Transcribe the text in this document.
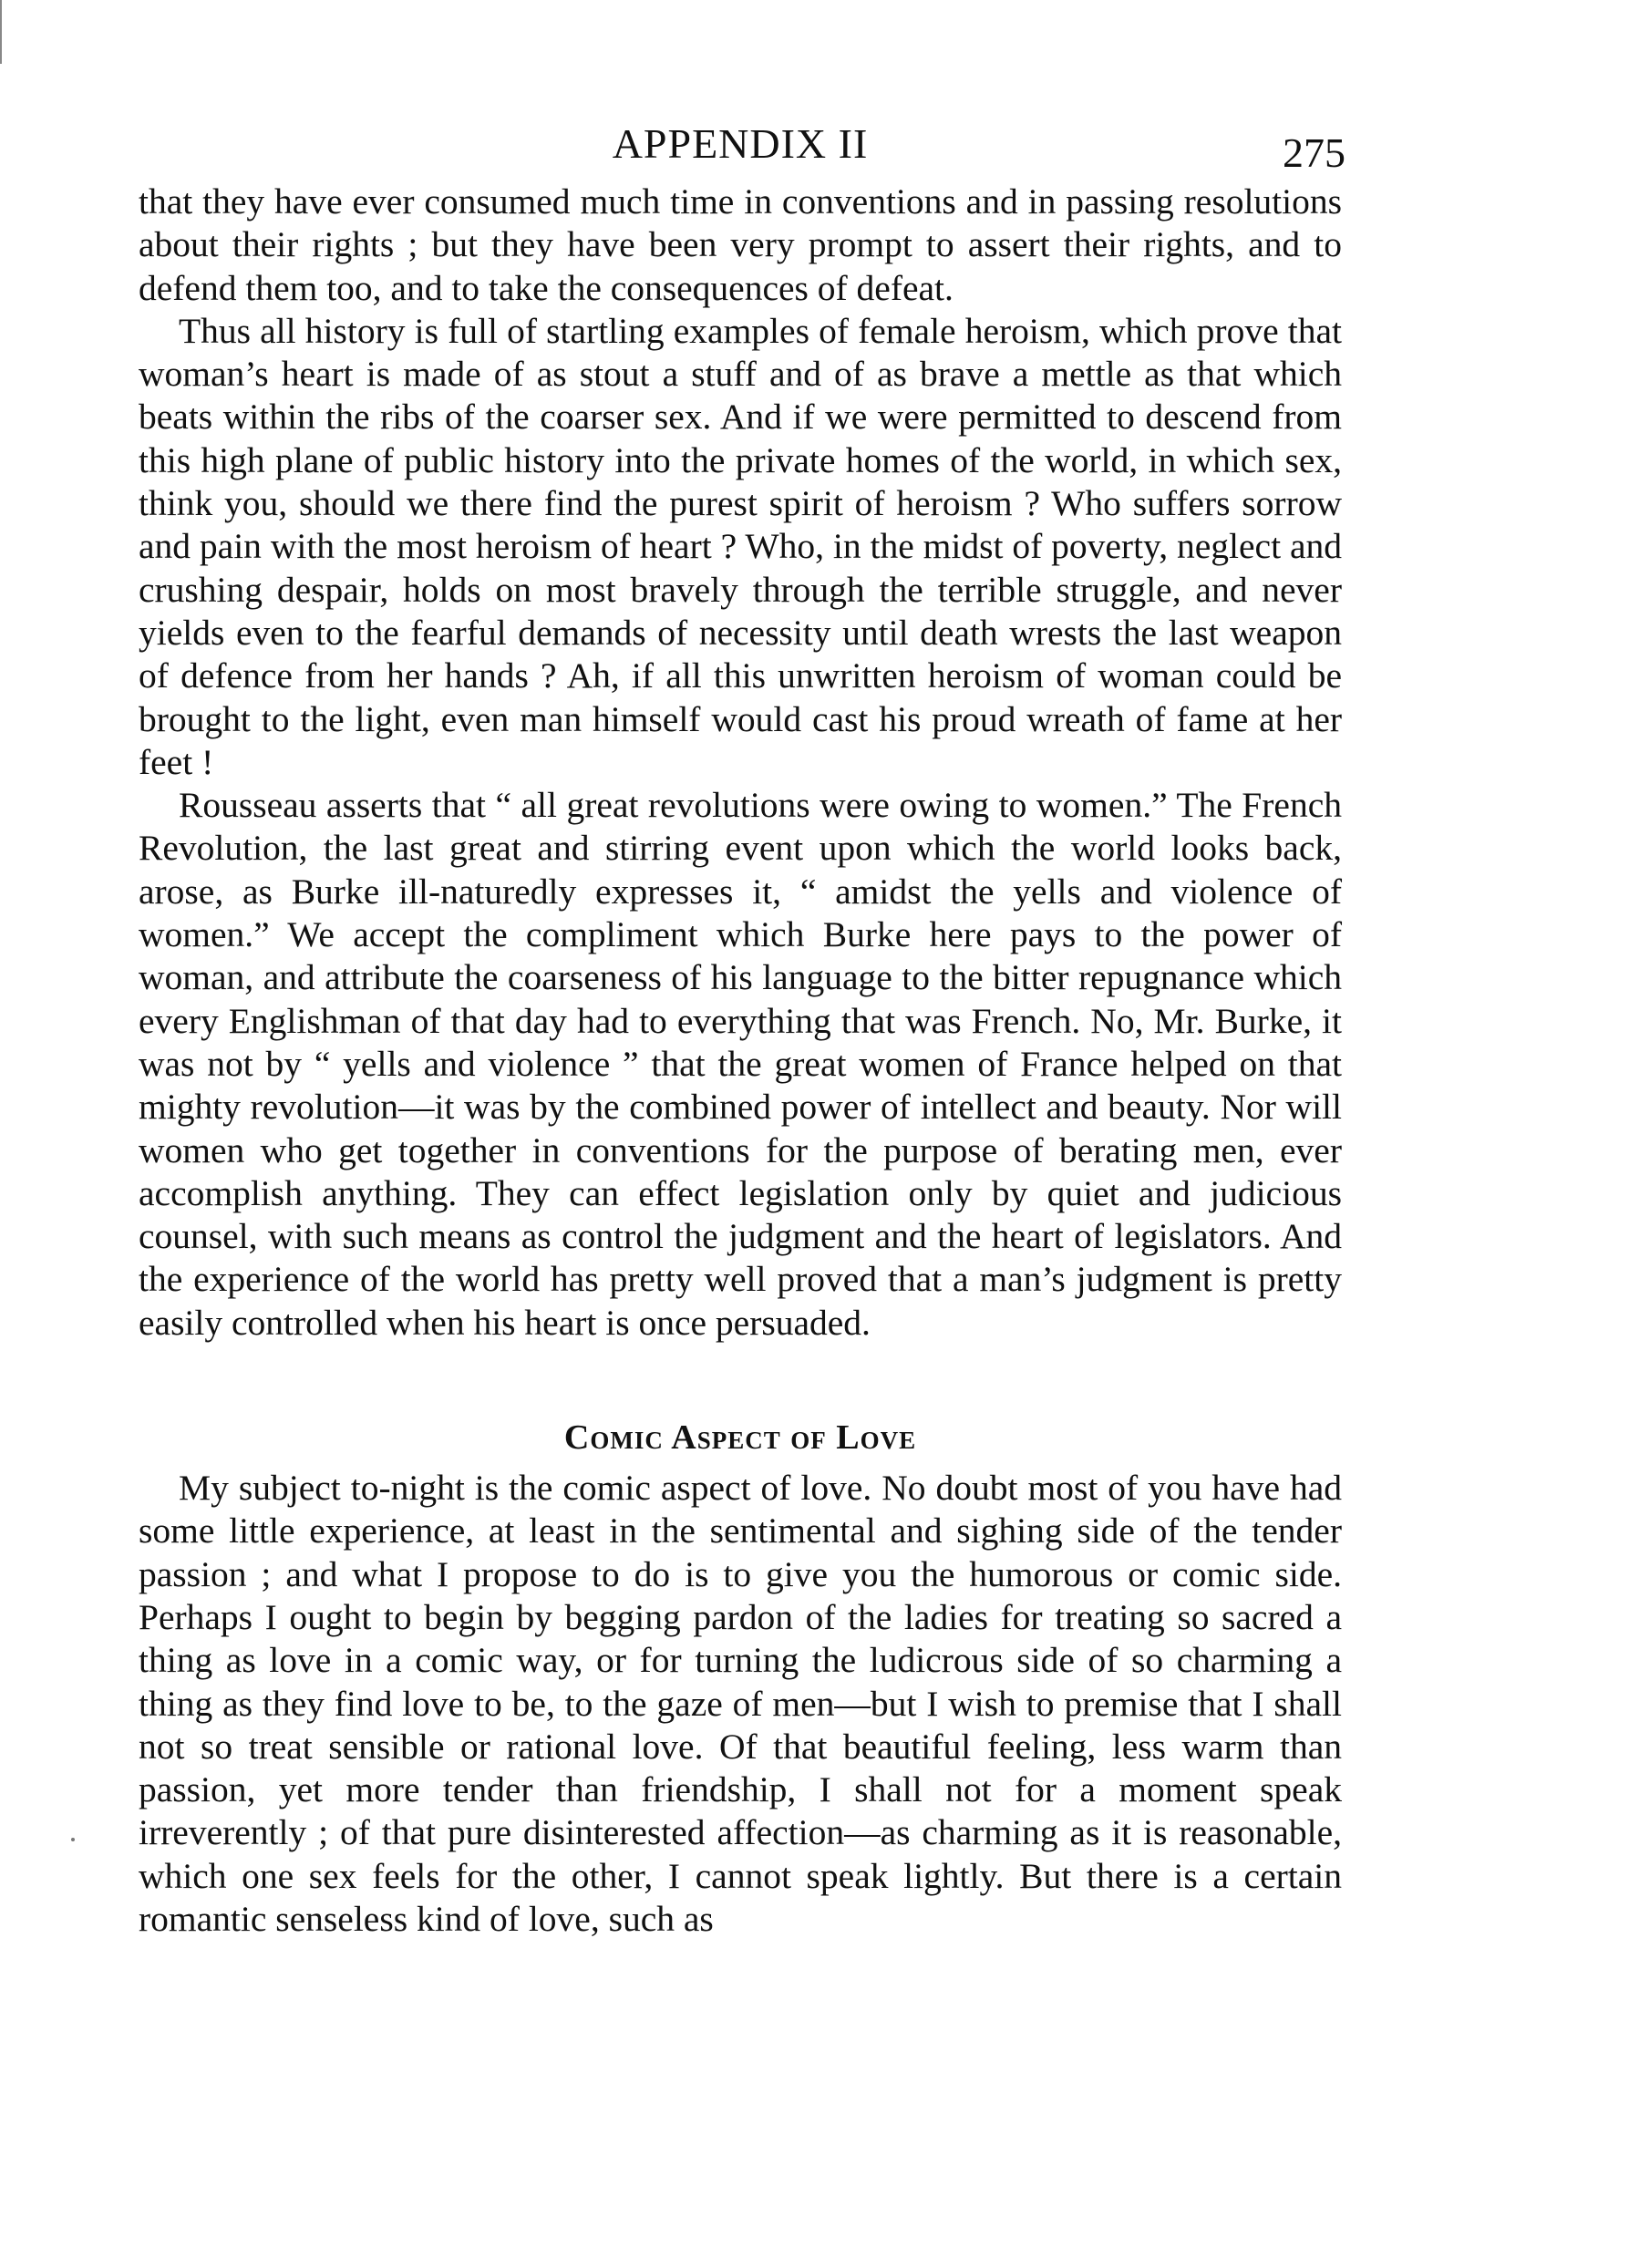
APPENDIX II	275

that they have ever consumed much time in conventions and in passing resolutions about their rights ; but they have been very prompt to assert their rights, and to defend them too, and to take the consequences of defeat.

Thus all history is full of startling examples of female heroism, which prove that woman’s heart is made of as stout a stuff and of as brave a mettle as that which beats within the ribs of the coarser sex. And if we were permitted to descend from this high plane of public history into the private homes of the world, in which sex, think you, should we there find the purest spirit of heroism ? Who suffers sorrow and pain with the most heroism of heart ? Who, in the midst of poverty, neglect and crushing despair, holds on most bravely through the terrible struggle, and never yields even to the fearful demands of necessity until death wrests the last weapon of defence from her hands ? Ah, if all this unwritten heroism of woman could be brought to the light, even man himself would cast his proud wreath of fame at her feet !

Rousseau asserts that “ all great revolutions were owing to women.” The French Revolution, the last great and stirring event upon which the world looks back, arose, as Burke ill-naturedly expresses it, “ amidst the yells and violence of women.” We accept the compliment which Burke here pays to the power of woman, and attribute the coarseness of his language to the bitter repugnance which every Englishman of that day had to everything that was French. No, Mr. Burke, it was not by “ yells and violence ” that the great women of France helped on that mighty revolution—it was by the combined power of intellect and beauty. Nor will women who get together in conventions for the purpose of berating men, ever accomplish anything. They can effect legislation only by quiet and judicious counsel, with such means as control the judgment and the heart of legislators. And the experience of the world has pretty well proved that a man’s judgment is pretty easily controlled when his heart is once persuaded.

Comic Aspect of Love

My subject to-night is the comic aspect of love. No doubt most of you have had some little experience, at least in the sentimental and sighing side of the tender passion ; and what I propose to do is to give you the humorous or comic side. Perhaps I ought to begin by begging pardon of the ladies for treating so sacred a thing as love in a comic way, or for turning the ludicrous side of so charming a thing as they find love to be, to the gaze of men—but I wish to premise that I shall not so treat sensible or rational love. Of that beautiful feeling, less warm than passion, yet more tender than friendship, I shall not for a moment speak irreverently ; of that pure disinterested affection—as charming as it is reasonable, which one sex feels for the other, I cannot speak lightly. But there is a certain romantic senseless kind of love, such as
